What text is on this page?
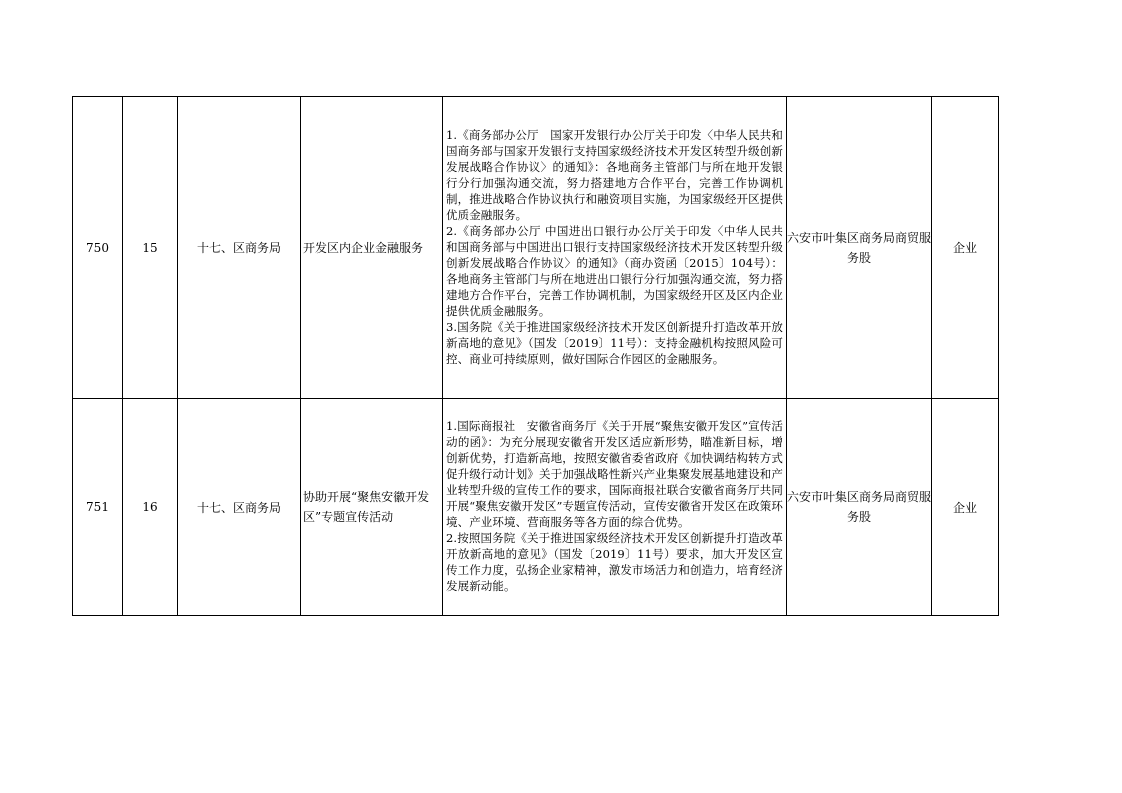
750	15	十七、区商务局	开发区内企业金融服务	1.《商务部办公厅　国家开发银行办公厅关于印发〈中华人民共和国商务部与国家开发银行支持国家级经济技术开发区转型升级创新发展战略合作协议〉的通知》：各地商务主管部门与所在地开发银行分行加强沟通交流，努力搭建地方合作平台，完善工作协调机制，推进战略合作协议执行和融资项目实施，为国家级经开区提供优质金融服务。

2.《商务部办公厅 中国进出口银行办公厅关于印发〈中华人民共和国商务部与中国进出口银行支持国家级经济技术开发区转型升级创新发展战略合作协议〉的通知》（商办资函〔2015〕104号）：各地商务主管部门与所在地进出口银行分行加强沟通交流，努力搭建地方合作平台，完善工作协调机制，为国家级经开区及区内企业提供优质金融服务。

3.国务院《关于推进国家级经济技术开发区创新提升打造改革开放新高地的意见》（国发〔2019〕11号）：支持金融机构按照风险可控、商业可持续原则，做好国际合作园区的金融服务。	六安市叶集区商务局商贸服务股	企业
751	16	十七、区商务局	协助开展“聚焦安徽开发区”专题宣传活动	1.国际商报社　安徽省商务厅《关于开展“聚焦安徽开发区”宣传活动的函》：为充分展现安徽省开发区适应新形势，瞄准新目标，增创新优势，打造新高地，按照安徽省委省政府《加快调结构转方式促升级行动计划》关于加强战略性新兴产业集聚发展基地建设和产业转型升级的宣传工作的要求，国际商报社联合安徽省商务厅共同开展“聚焦安徽开发区”专题宣传活动，宣传安徽省开发区在政策环境、产业环境、营商服务等各方面的综合优势。

2.按照国务院《关于推进国家级经济技术开发区创新提升打造改革开放新高地的意见》（国发〔2019〕11号）要求，加大开发区宣传工作力度，弘扬企业家精神，激发市场活力和创造力，培育经济发展新动能。	六安市叶集区商务局商贸服务股	企业
